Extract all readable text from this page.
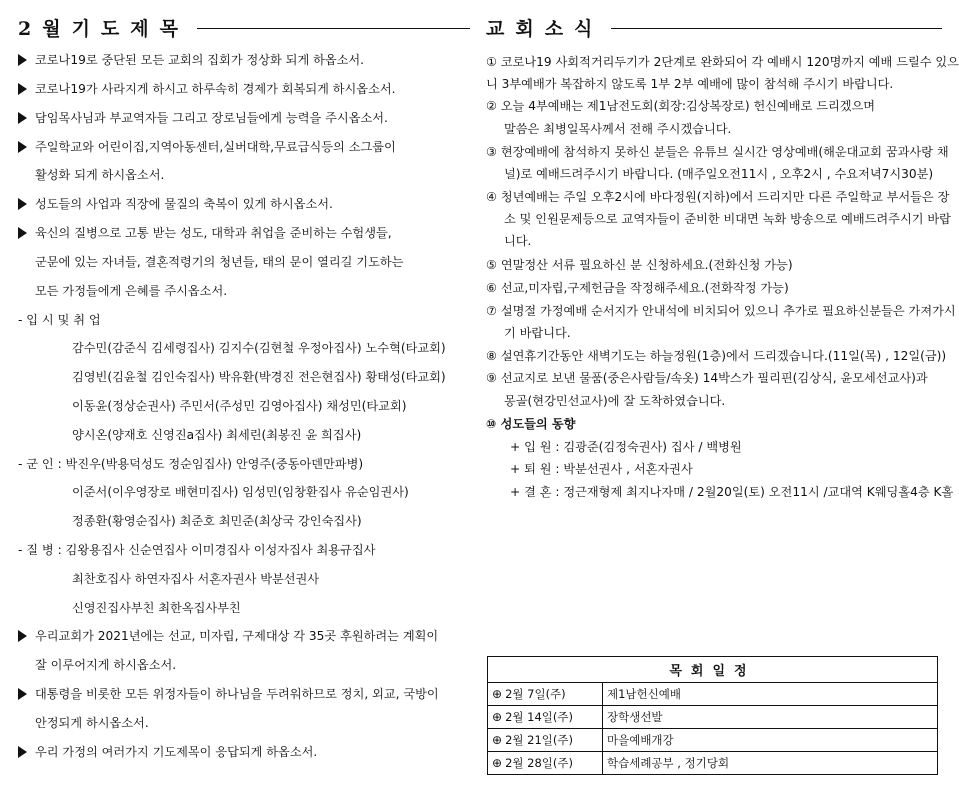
2월기도제목
코로나19로 중단된 모든 교회의 집회가 정상화 되게 하옵소서.
코로나19가 사라지게 하시고 하루속히 경제가 회복되게 하시옵소서.
담임목사님과 부교역자들 그리고 장로님들에게 능력을 주시옵소서.
주일학교와 어린이집,지역아동센터,실버대학,무료급식등의 소그룹이
활성화 되게 하시옵소서.
성도들의 사업과 직장에 물질의 축복이 있게 하시옵소서.
육신의 질병으로 고통 받는 성도, 대학과 취업을 준비하는 수험생들,
군문에 있는 자녀들, 결혼적령기의 청년들, 태의 문이 열리길 기도하는
모든 가정들에게 은혜를 주시옵소서.
- 입 시 및 취 업
감수민(감준식 김세령집사) 김지수(김현철 우정아집사) 노수혁(타교회)
김영빈(김윤철 김인숙집사) 박유환(박경진 전은현집사) 황태성(타교회)
이동윤(정상순권사) 주민서(주성민 김영아집사) 채성민(타교회)
양시온(양재호 신영진a집사) 최세린(최봉진 윤 희집사)
- 군 인 : 박진우(박용덕성도 정순임집사) 안영주(중동아덴만파병)
이준서(이우영장로 배현미집사) 임성민(임창환집사 유순임권사)
정종환(황영순집사) 최준호 최민준(최상국 강인숙집사)
- 질 병 : 김왕용집사 신순연집사 이미경집사 이성자집사 최용규집사
최찬호집사 하연자집사 서혼자권사 박분선권사
신영진집사부친 최한옥집사부친
우리교회가 2021년에는 선교, 미자립, 구제대상 각 35곳 후원하려는 계획이
잘 이루어지게 하시옵소서.
대통령을 비롯한 모든 위정자들이 하나님을 두려워하므로 정치, 외교, 국방이
안정되게 하시옵소서.
우리 가정의 여러가지 기도제목이 응답되게 하옵소서.
교회소식
① 코로나19 사회적거리두기가 2단계로 완화되어 각 예배시 120명까지 예배 드릴수 있으
니 3부예배가 복잡하지 않도록 1부 2부 예배에 많이 참석해 주시기 바랍니다.
② 오늘 4부예배는 제1남전도회(회장:김상복장로) 헌신예배로 드리겠으며
말씀은 최병일목사께서 전해 주시겠습니다.
③ 현장예배에 참석하지 못하신 분들은 유튜브 실시간 영상예배(해운대교회 꿈과사랑 채
널)로 예배드려주시기 바랍니다. (매주일오전11시 , 오후2시 , 수요저녁7시30분)
④ 청년예배는 주일 오후2시에 바다정원(지하)에서 드리지만 다른 주일학교 부서들은 장
소 및 인원문제등으로 교역자들이 준비한 비대면 녹화 방송으로 예배드려주시기 바랍
니다.
⑤ 연말정산 서류 필요하신 분 신청하세요.(전화신청 가능)
⑥ 선교,미자립,구제헌금을 작정해주세요.(전화작정 가능)
⑦ 설명절 가정예배 순서지가 안내석에 비치되어 있으니 추가로 필요하신분들은 가져가시
기 바랍니다.
⑧ 설연휴기간동안 새벽기도는 하늘정원(1층)에서 드리겠습니다.(11일(목) , 12일(금))
⑨ 선교지로 보낸 물품(중은사람들/속옷) 14박스가 필리핀(김상식, 윤모세선교사)과
몽골(현강민선교사)에 잘 도착하였습니다.
⑩ 성도들의 동향
+ 입 원 : 김광준(김정숙권사) 집사 / 백병원
+ 퇴 원 : 박분선권사 , 서혼자권사
+ 결 혼 : 정근재형제 최지나자매 / 2월20일(토) 오전11시 /교대역 K웨딩홀4층 K홀
목회일정	
⊕ 2월 7일(주)	제1남헌신예배
⊕ 2월 14일(주)	장학생선발
⊕ 2월 21일(주)	마을예배개강
⊕ 2월 28일(주)	학습세례공부 , 정기당회
